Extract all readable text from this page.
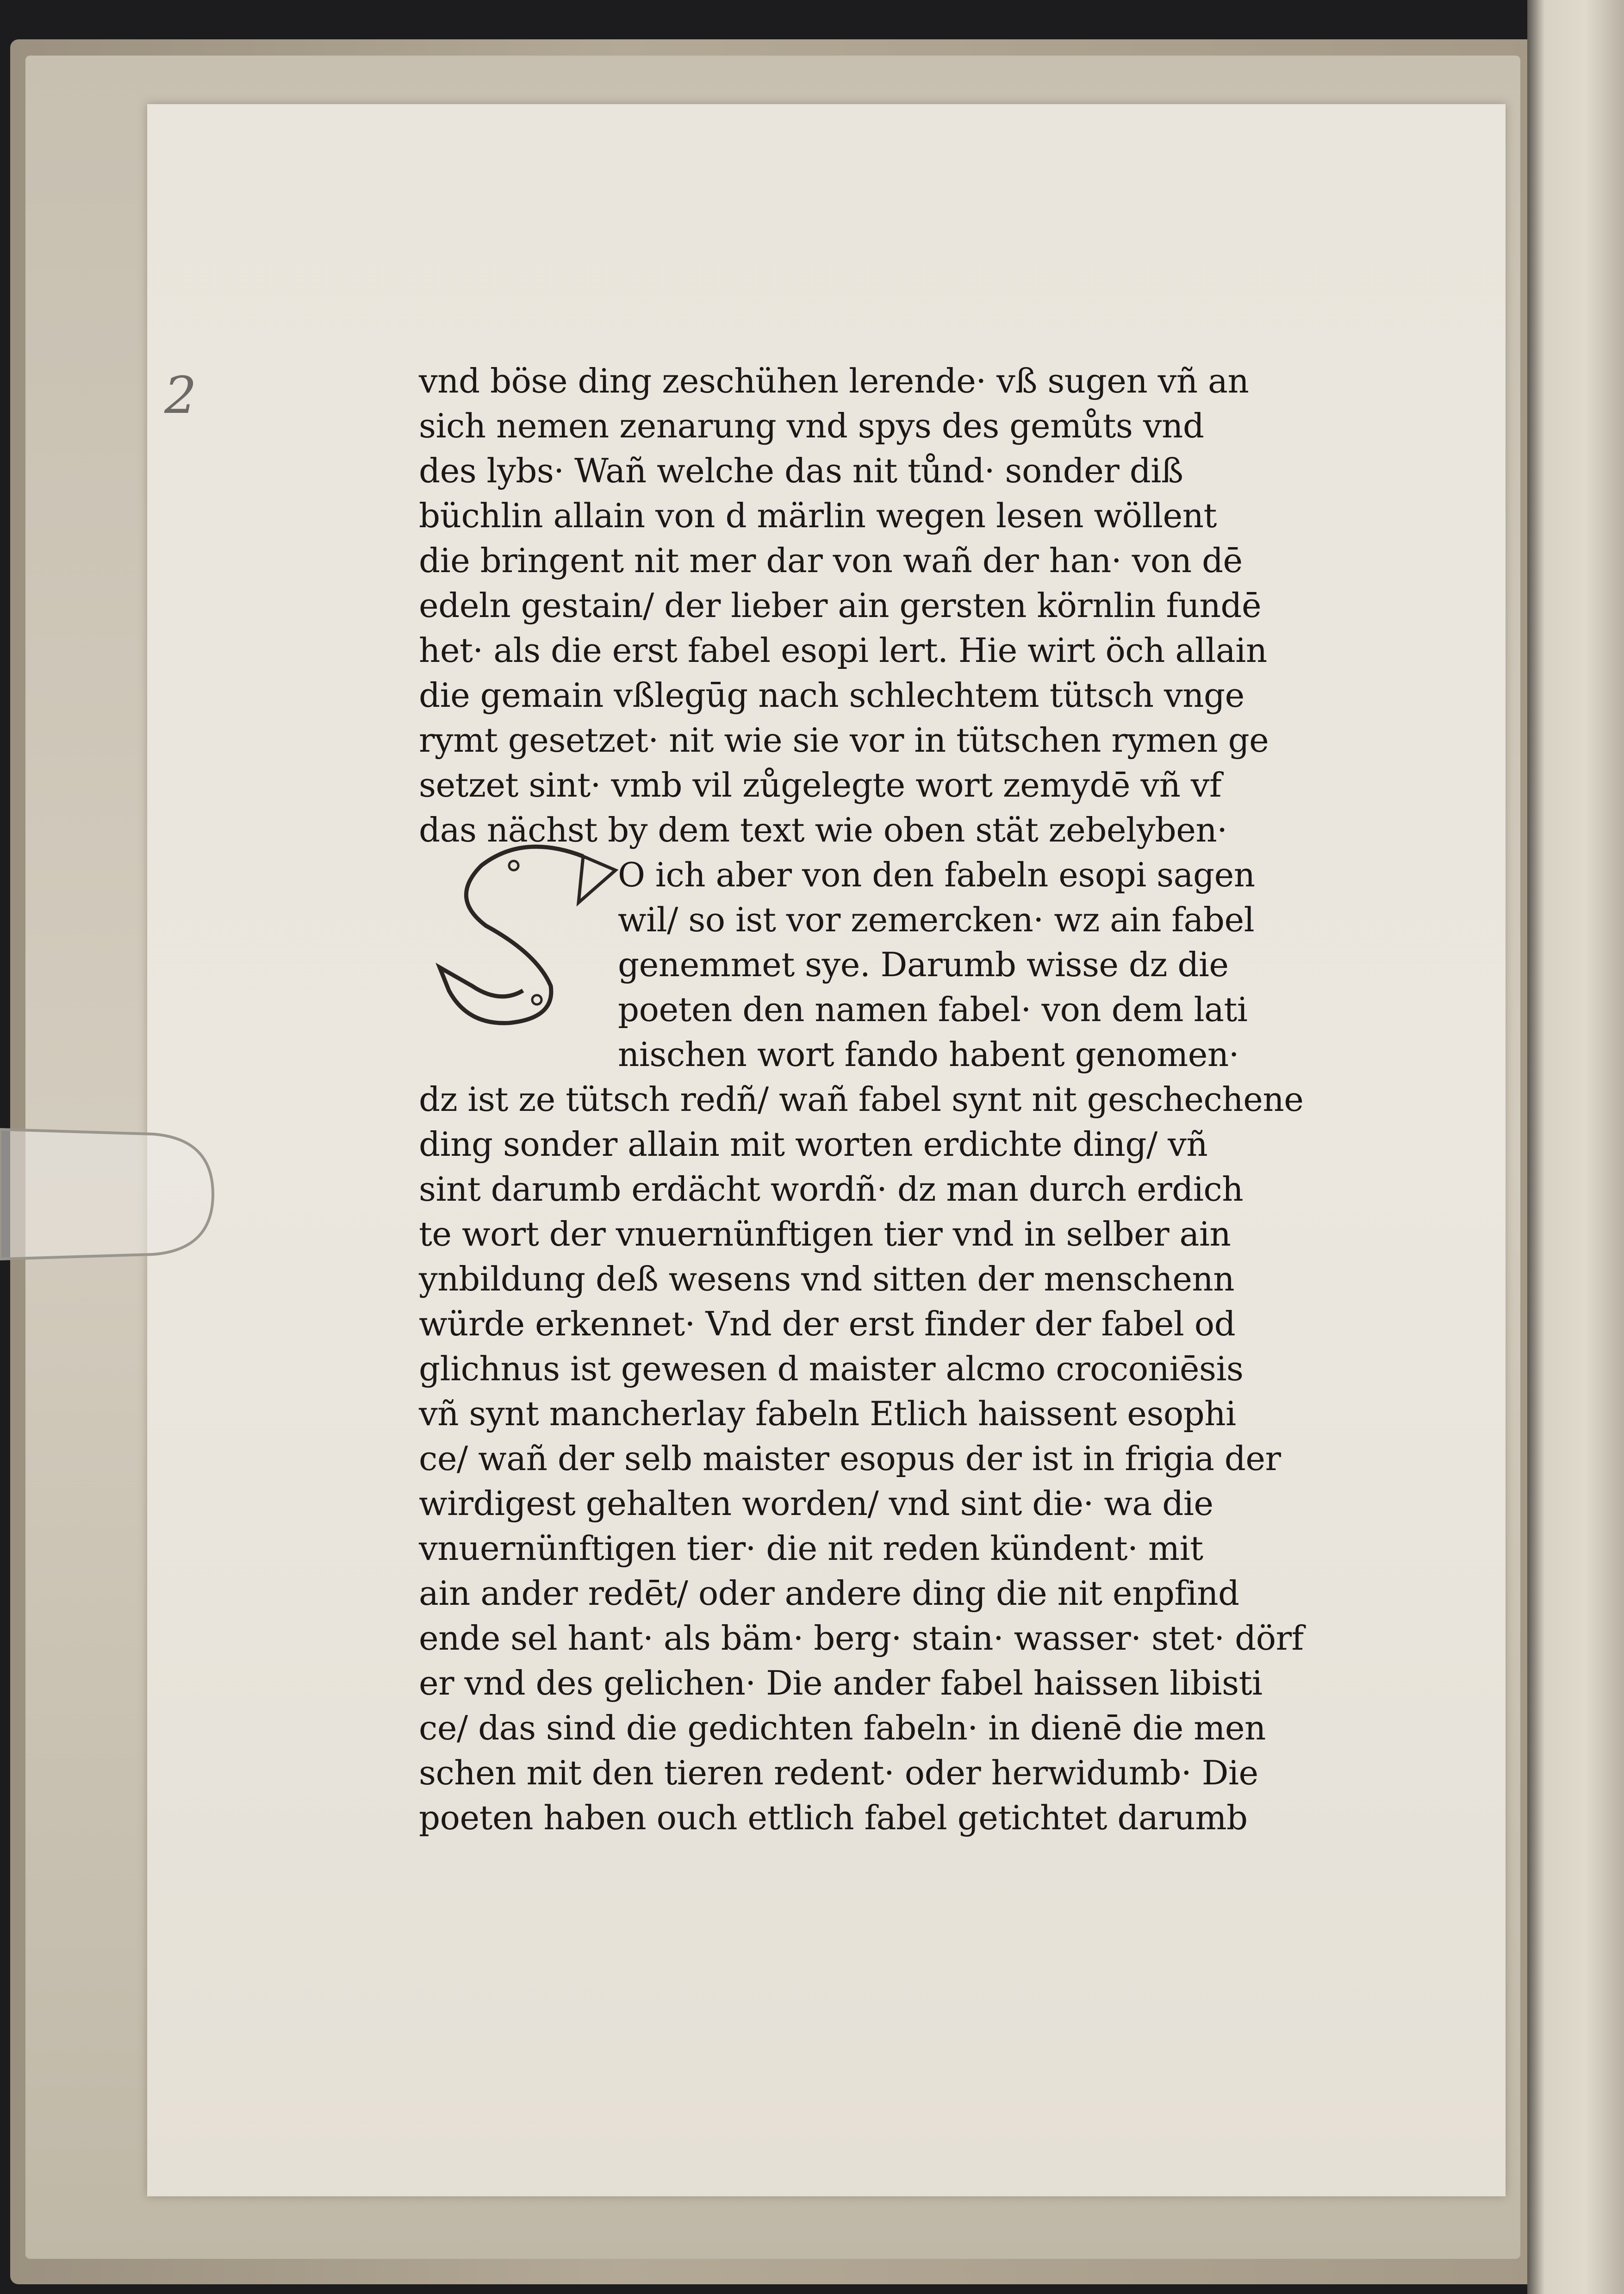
2
S
vnd böse ding zeschühen lerende· vß sugen vñ an
sich nemen zenarung vnd spys des gemůts vnd
des lybs· Wañ welche das nit tůnd· sonder diß
büchlin allain von d märlin wegen lesen wöllent
die bringent nit mer dar von wañ der han· von dē
edeln gestain/ der lieber ain gersten körnlin fundē
het· als die erst fabel esopi lert. Hie wirt öch allain
die gemain vßlegūg nach schlechtem tütsch vnge
rymt gesetzet· nit wie sie vor in tütschen rymen ge
setzet sint· vmb vil zůgelegte wort zemydē vñ vf
das nächst by dem text wie oben stät zebelyben·
O ich aber von den fabeln esopi sagen
wil/ so ist vor zemercken· wz ain fabel
genemmet sye. Darumb wisse dz die
poeten den namen fabel· von dem lati
nischen wort fando habent genomen·
dz ist ze tütsch redñ/ wañ fabel synt nit geschechene
ding sonder allain mit worten erdichte ding/ vñ
sint darumb erdächt wordñ· dz man durch erdich
te wort der vnuernünftigen tier vnd in selber ain
ynbildung deß wesens vnd sitten der menschenn
würde erkennet· Vnd der erst finder der fabel od
glichnus ist gewesen d maister alcmo croconiēsis
vñ synt mancherlay fabeln Etlich haissent esophi
ce/ wañ der selb maister esopus der ist in frigia der
wirdigest gehalten worden/ vnd sint die· wa die
vnuernünftigen tier· die nit reden kündent· mit
ain ander redēt/ oder andere ding die nit enpfind
ende sel hant· als bäm· berg· stain· wasser· stet· dörf
er vnd des gelichen· Die ander fabel haissen libisti
ce/ das sind die gedichten fabeln· in dienē die men
schen mit den tieren redent· oder herwidumb· Die
poeten haben ouch ettlich fabel getichtet darumb
